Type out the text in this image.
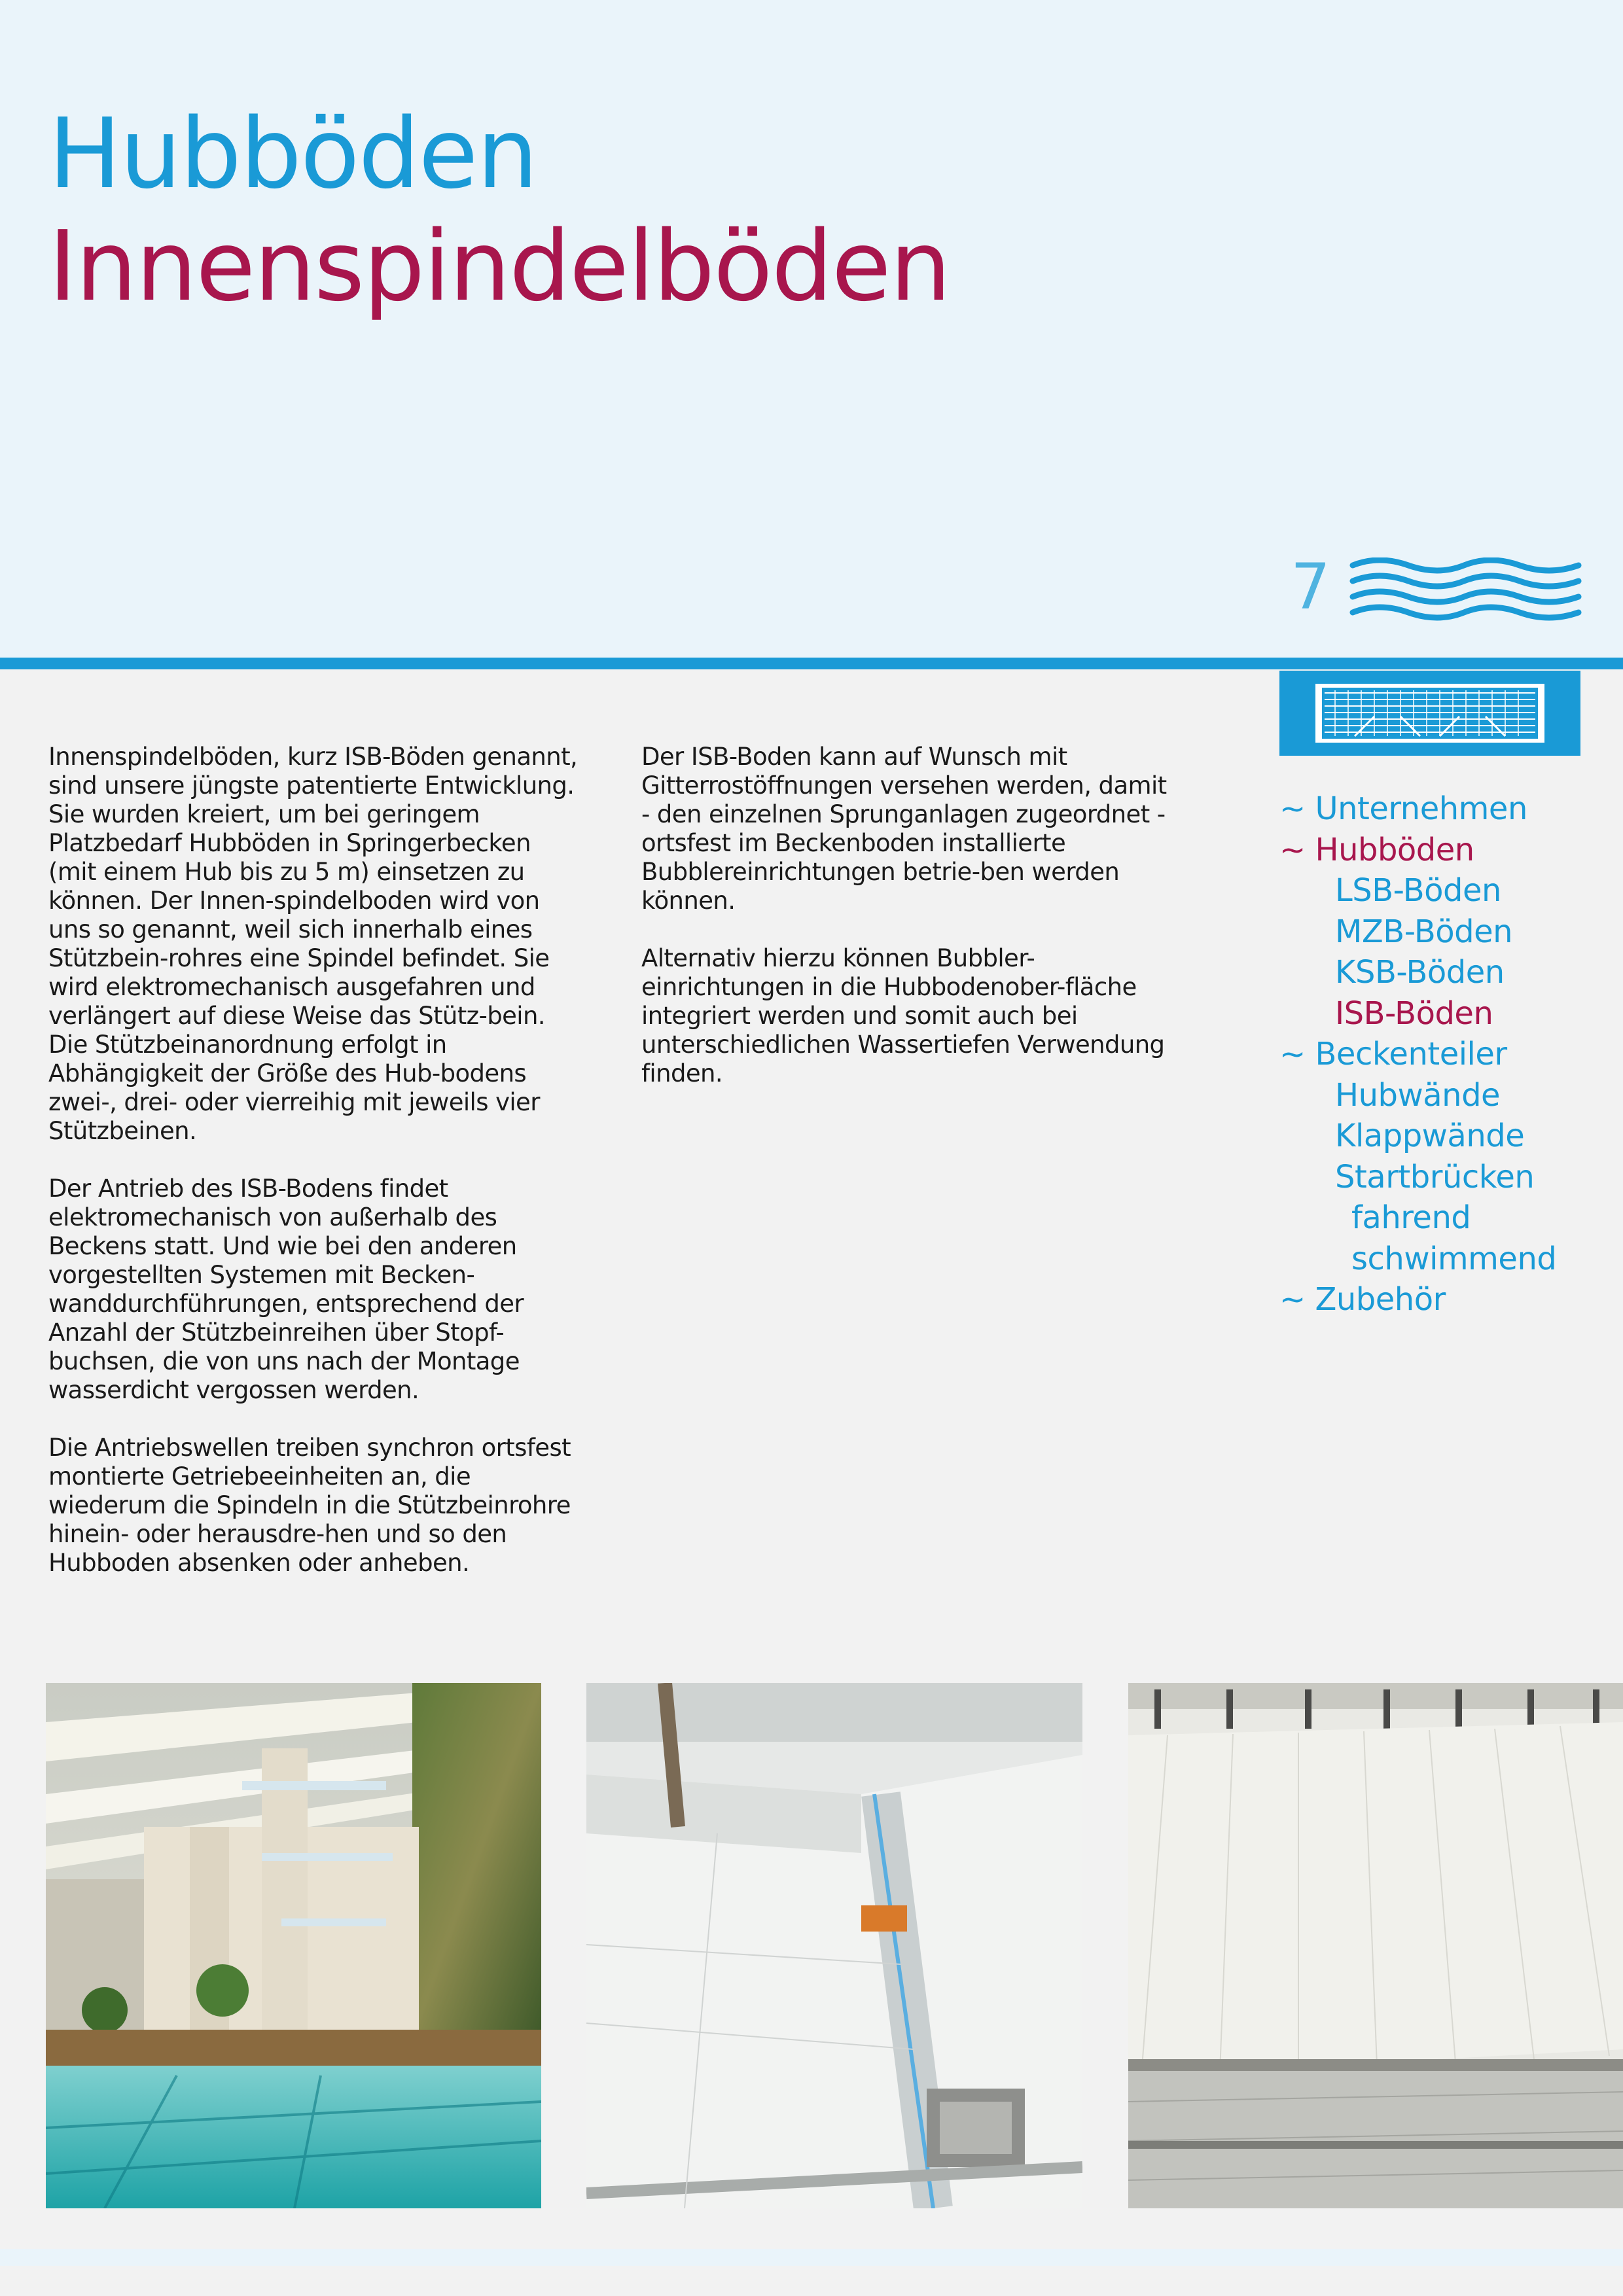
Hubböden
Innenspindelböden
7

Innenspindelböden, kurz ISB-Böden genannt, sind unsere jüngste patentierte Entwicklung. Sie wurden kreiert, um bei geringem Platzbedarf Hubböden in Springerbecken (mit einem Hub bis zu 5 m) einsetzen zu können. Der Innen-spindelboden wird von uns so genannt, weil sich innerhalb eines Stützbein-rohres eine Spindel befindet. Sie wird elektromechanisch ausgefahren und verlängert auf diese Weise das Stütz-bein. Die Stützbeinanordnung erfolgt in Abhängigkeit der Größe des Hub-bodens zwei-, drei- oder vierreihig mit jeweils vier Stützbeinen.

Der Antrieb des ISB-Bodens findet elektromechanisch von außerhalb des Beckens statt. Und wie bei den anderen vorgestellten Systemen mit Becken-wanddurchführungen, entsprechend der Anzahl der Stützbeinreihen über Stopf-buchsen, die von uns nach der Montage wasserdicht vergossen werden.

Die Antriebswellen treiben synchron ortsfest montierte Getriebeeinheiten an, die wiederum die Spindeln in die Stützbeinrohre hinein- oder herausdre-hen und so den Hubboden absenken oder anheben.

Der ISB-Boden kann auf Wunsch mit Gitterrostöffnungen versehen werden, damit - den einzelnen Sprunganlagen zugeordnet - ortsfest im Beckenboden installierte Bubblereinrichtungen betrie-ben werden können.

Alternativ hierzu können Bubbler-einrichtungen in die Hubbodenober-fläche integriert werden und somit auch bei unterschiedlichen Wassertiefen Verwendung finden.

~ Unternehmen
~ Hubböden
LSB-Böden
MZB-Böden
KSB-Böden
ISB-Böden
~ Beckenteiler
Hubwände
Klappwände
Startbrücken
fahrend
schwimmend
~ Zubehör
